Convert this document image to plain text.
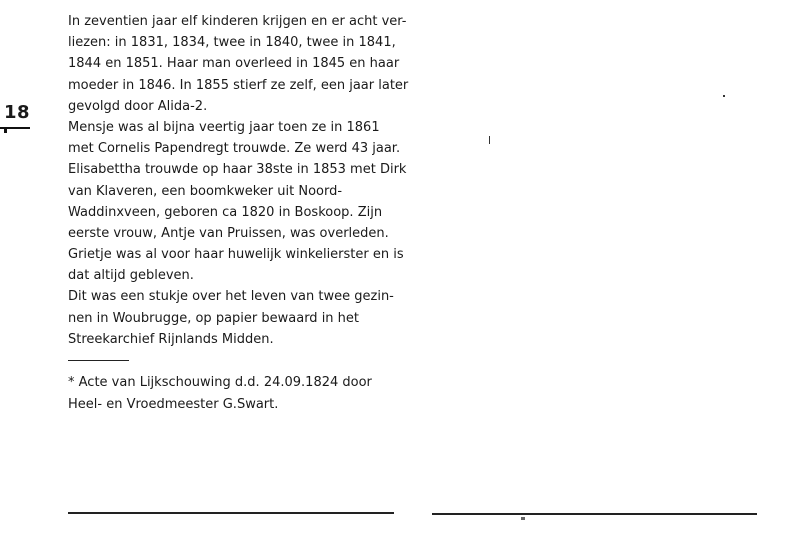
18
In zeventien jaar elf kinderen krijgen en er acht ver-
liezen: in 1831, 1834, twee in 1840, twee in 1841,
1844 en 1851. Haar man overleed in 1845 en haar
moeder in 1846. In 1855 stierf ze zelf, een jaar later
gevolgd door Alida-2.
Mensje was al bijna veertig jaar toen ze in 1861
met Cornelis Papendregt trouwde. Ze werd 43 jaar.
Elisabettha trouwde op haar 38ste in 1853 met Dirk
van Klaveren, een boomkweker uit Noord-
Waddinxveen, geboren ca 1820 in Boskoop. Zijn
eerste vrouw, Antje van Pruissen, was overleden.
Grietje was al voor haar huwelijk winkelierster en is
dat altijd gebleven.
Dit was een stukje over het leven van twee gezin-
nen in Woubrugge, op papier bewaard in het
Streekarchief Rijnlands Midden.
* Acte van Lijkschouwing d.d. 24.09.1824 door
Heel- en Vroedmeester G.Swart.
